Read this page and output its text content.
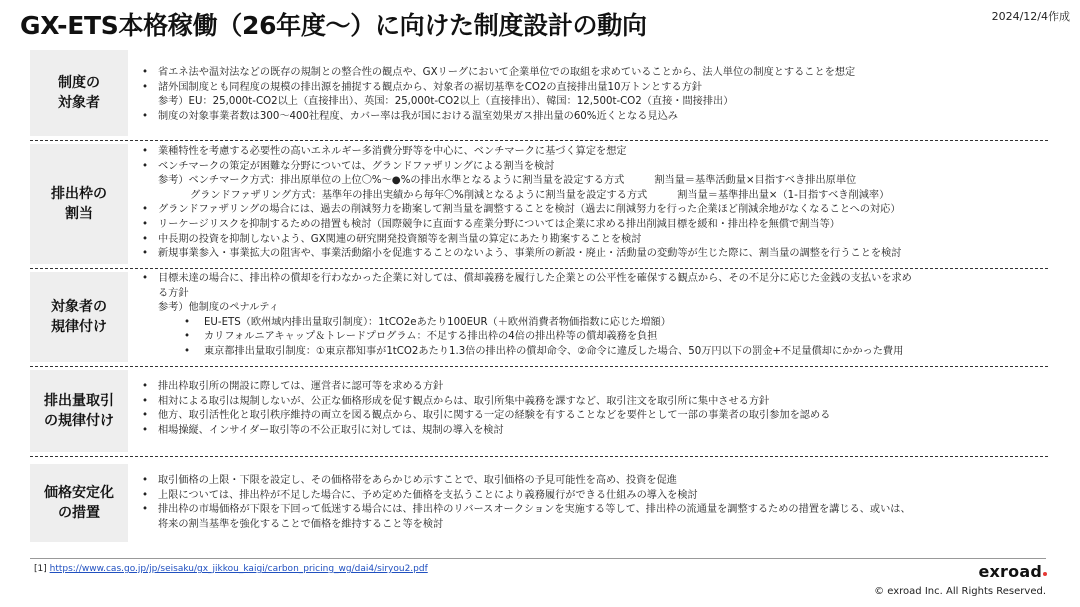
GX-ETS本格稼働（26年度～）に向けた制度設計の動向	2024/12/4作成
制度の
対象者
• 省エネ法や温対法などの既存の規制との整合性の観点や、GXリーグにおいて企業単位での取組を求めていることから、法人単位の制度とすることを想定
• 諸外国制度とも同程度の規模の排出源を捕捉する観点から、対象者の裾切基準をCO2の直接排出量10万トンとする方針
参考）EU：25,000t-CO2以上（直接排出）、英国：25,000t-CO2以上（直接排出）、韓国：12,500t-CO2（直接・間接排出）
• 制度の対象事業者数は300～400社程度、カバー率は我が国における温室効果ガス排出量の60%近くとなる見込み
排出枠の
割当
• 業種特性を考慮する必要性の高いエネルギー多消費分野等を中心に、ベンチマークに基づく算定を想定
• ベンチマークの策定が困難な分野については、グランドファザリングによる割当を検討
参考）ベンチマーク方式：排出原単位の上位〇%～●%の排出水準となるように割当量を設定する方式	割当量＝基準活動量×目指すべき排出原単位
グランドファザリング方式：基準年の排出実績から毎年〇%削減となるように割当量を設定する方式	割当量＝基準排出量×（1-目指すべき削減率）
• グランドファザリングの場合には、過去の削減努力を勘案して割当量を調整することを検討（過去に削減努力を行った企業ほど削減余地がなくなることへの対応）
• リーケージリスクを抑制するための措置も検討（国際競争に直面する産業分野については企業に求める排出削減目標を緩和・排出枠を無償で割当等）
• 中長期の投資を抑制しないよう、GX関連の研究開発投資額等を割当量の算定にあたり勘案することを検討
• 新規事業参入・事業拡大の阻害や、事業活動縮小を促進することのないよう、事業所の新設・廃止・活動量の変動等が生じた際に、割当量の調整を行うことを検討
対象者の
規律付け
• 目標未達の場合に、排出枠の償却を行わなかった企業に対しては、償却義務を履行した企業との公平性を確保する観点から、その不足分に応じた金銭の支払いを求め
る方針
参考）他制度のペナルティ
• EU-ETS（欧州域内排出量取引制度）：1tCO2eあたり100EUR（＋欧州消費者物価指数に応じた増額）
• カリフォルニアキャップ＆トレードプログラム：不足する排出枠の4倍の排出枠等の償却義務を負担
• 東京都排出量取引制度：①東京都知事が1tCO2あたり1.3倍の排出枠の償却命令、②命令に違反した場合、50万円以下の罰金+不足量償却にかかった費用
排出量取引
の規律付け
• 排出枠取引所の開設に際しては、運営者に認可等を求める方針
• 相対による取引は規制しないが、公正な価格形成を促す観点からは、取引所集中義務を課すなど、取引注文を取引所に集中させる方針
• 他方、取引活性化と取引秩序維持の両立を図る観点から、取引に関する一定の経験を有することなどを要件として一部の事業者の取引参加を認める
• 相場操縦、インサイダー取引等の不公正取引に対しては、規制の導入を検討
価格安定化
の措置
• 取引価格の上限・下限を設定し、その価格帯をあらかじめ示すことで、取引価格の予見可能性を高め、投資を促進
• 上限については、排出枠が不足した場合に、予め定めた価格を支払うことにより義務履行ができる仕組みの導入を検討
• 排出枠の市場価格が下限を下回って低迷する場合には、排出枠のリバースオークションを実施する等して、排出枠の流通量を調整するための措置を講じる、或いは、
将来の割当基準を強化することで価格を維持すること等を検討
[1] https://www.cas.go.jp/jp/seisaku/gx_jikkou_kaigi/carbon_pricing_wg/dai4/siryou2.pdf	exroad
© exroad Inc. All Rights Reserved.
